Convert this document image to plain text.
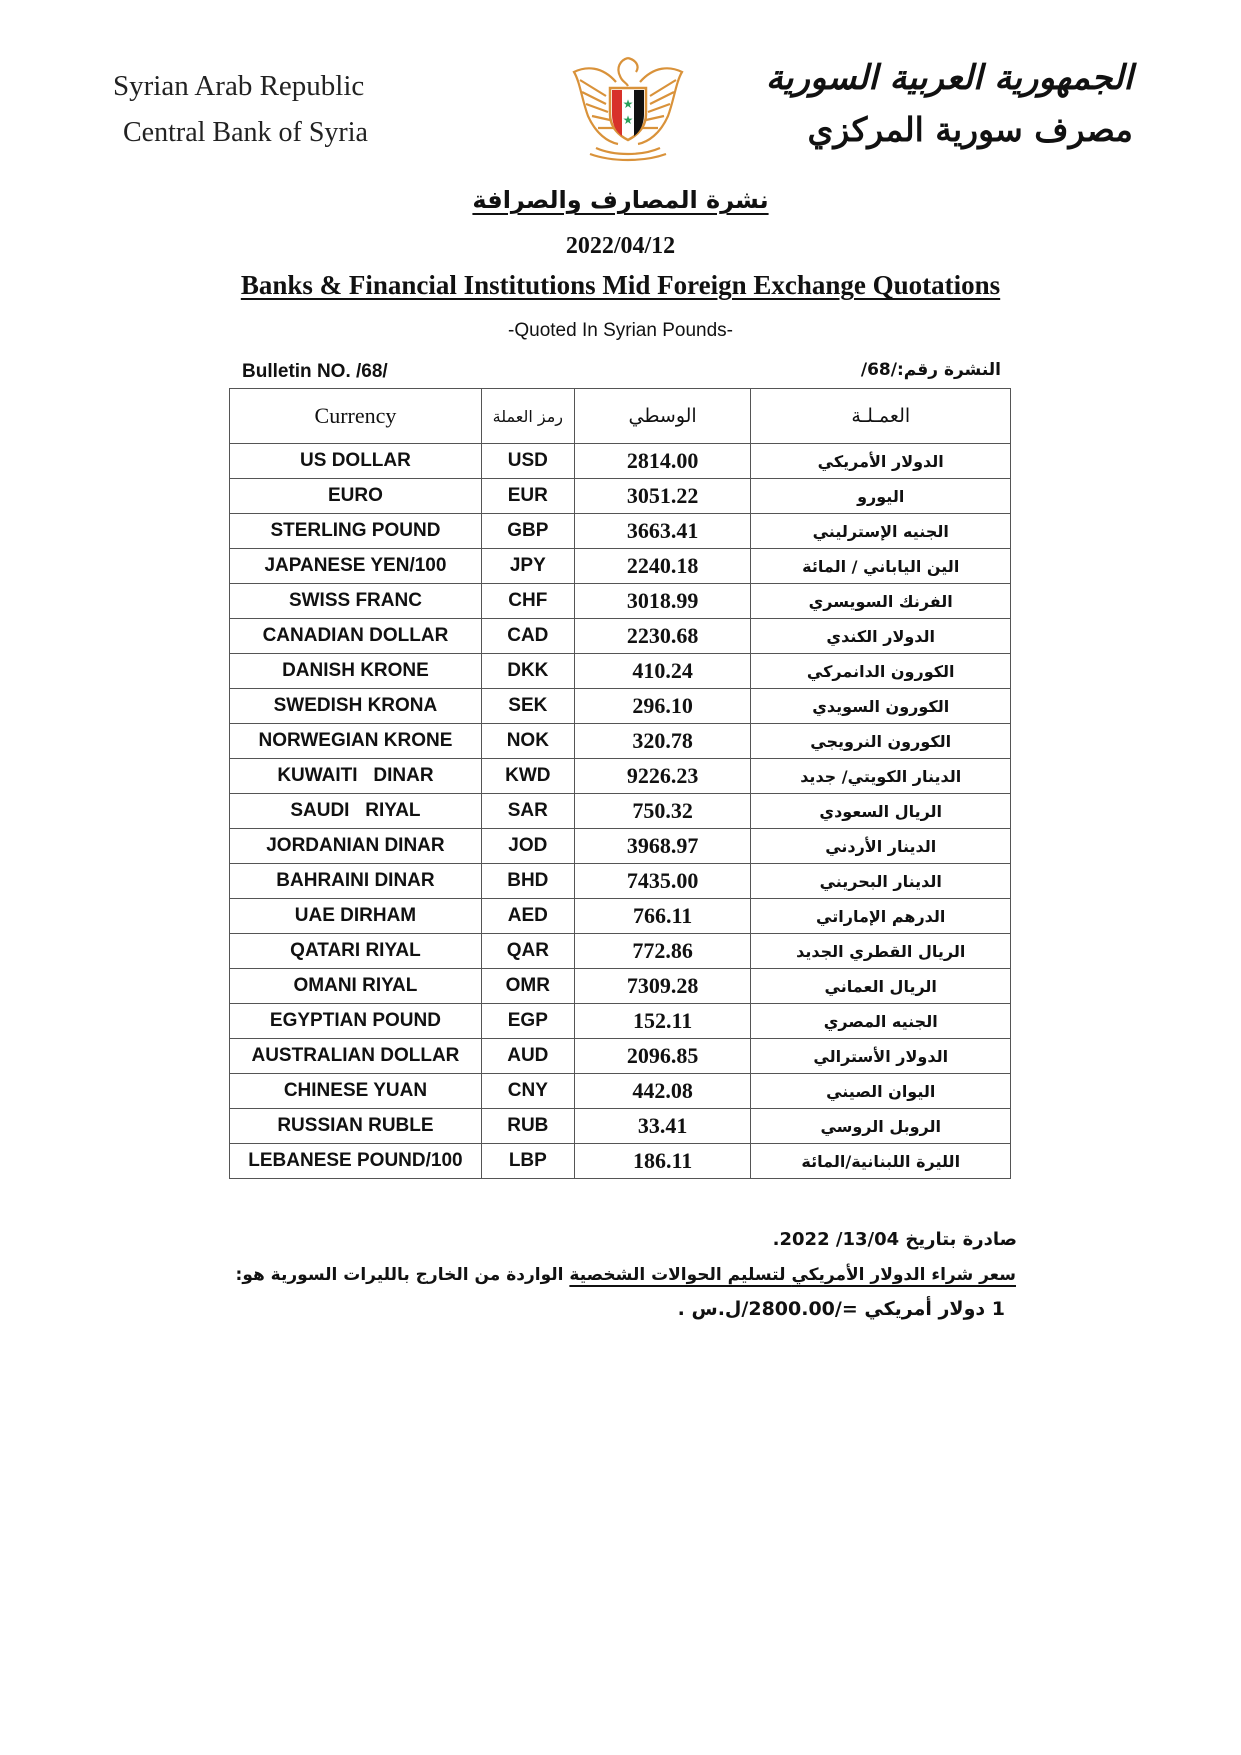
Syrian Arab Republic
Central Bank of Syria
★
★
الجمهورية العربية السورية
مصرف سورية المركزي
نشرة المصارف والصرافة
2022/04/12
Banks & Financial Institutions Mid Foreign Exchange Quotations
-Quoted In Syrian Pounds-
Bulletin NO. /68/	النشرة رقم:/68/
Currency	رمز العملة	الوسطي	العمـلـة
US DOLLAR	USD	2814.00	الدولار الأمريكي
EURO	EUR	3051.22	اليورو
STERLING POUND	GBP	3663.41	الجنيه الإسترليني
JAPANESE YEN/100	JPY	2240.18	الين الياباني / المائة
SWISS FRANC	CHF	3018.99	الفرنك السويسري
CANADIAN DOLLAR	CAD	2230.68	الدولار الكندي
DANISH KRONE	DKK	410.24	الكورون الدانمركي
SWEDISH KRONA	SEK	296.10	الكورون السويدي
NORWEGIAN KRONE	NOK	320.78	الكورون النرويجي
KUWAITI   DINAR	KWD	9226.23	الدينار الكويتي/ جديد
SAUDI   RIYAL	SAR	750.32	الريال السعودي
JORDANIAN DINAR	JOD	3968.97	الدينار الأردني
BAHRAINI DINAR	BHD	7435.00	الدينار البحريني
UAE DIRHAM	AED	766.11	الدرهم الإماراتي
QATARI RIYAL	QAR	772.86	الريال القطري الجديد
OMANI RIYAL	OMR	7309.28	الريال العماني
EGYPTIAN POUND	EGP	152.11	الجنيه المصري
AUSTRALIAN DOLLAR	AUD	2096.85	الدولار الأسترالي
CHINESE YUAN	CNY	442.08	اليوان الصيني
RUSSIAN RUBLE	RUB	33.41	الروبل الروسي
LEBANESE POUND/100	LBP	186.11	الليرة اللبنانية/المائة
صادرة بتاريخ 13/04/ 2022.
سعر شراء الدولار الأمريكي لتسليم الحوالات الشخصية الواردة من الخارج بالليرات السورية هو:
1 دولار أمريكي =/2800.00/ل.س .
